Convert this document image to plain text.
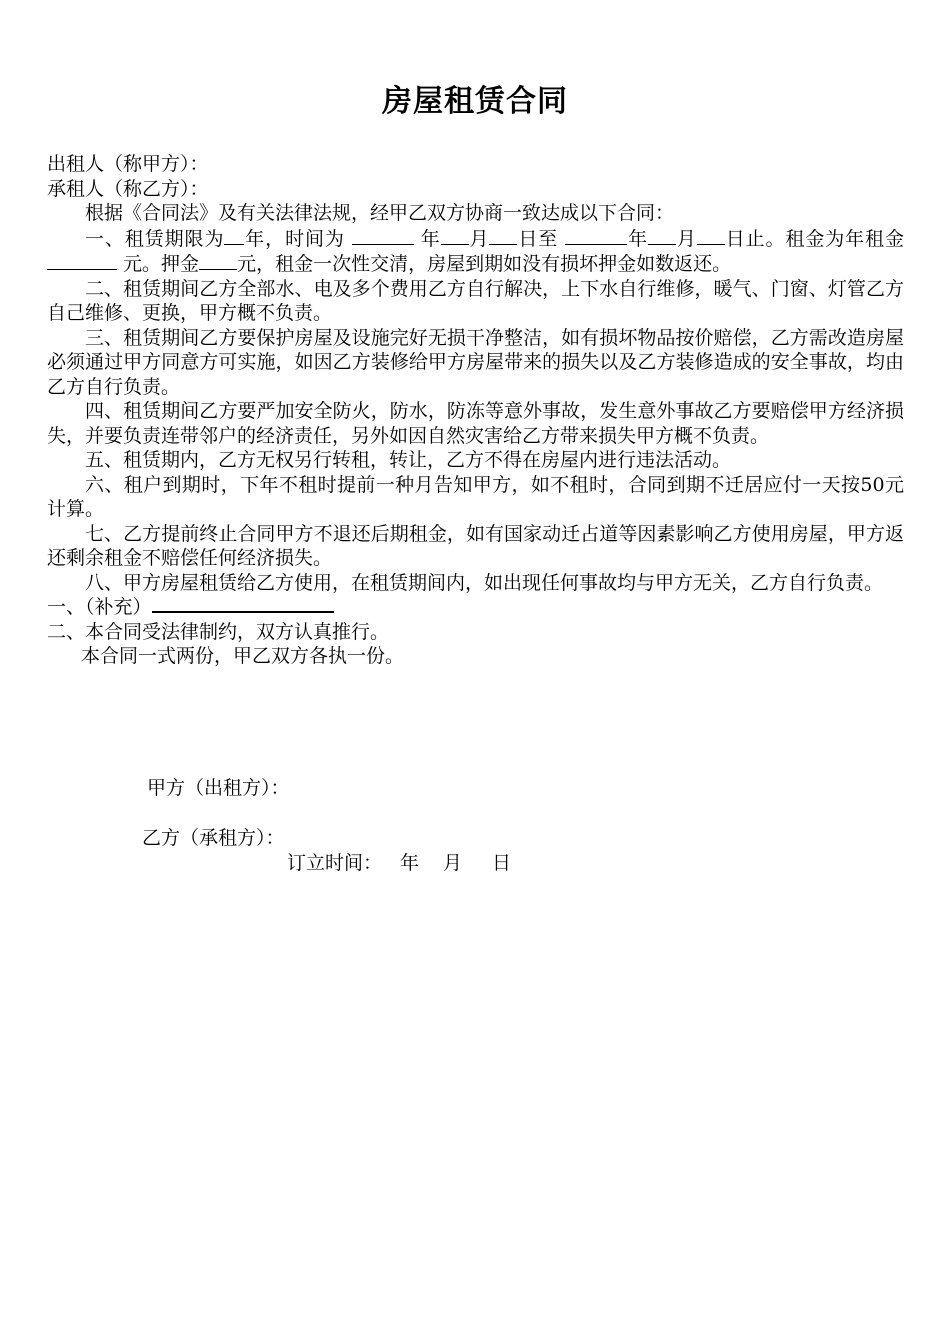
房屋租赁合同
出租人（称甲方）：
承租人（称乙方）：
根据《合同法》及有关法律法规，经甲乙双方协商一致达成以下合同：
一、租赁期限为 年，时间为	年 月 日至	年 月 日止。租金为年租金  元。押金 元，租金一次性交清，房屋到期如没有损坏押金如数返还。
二、租赁期间乙方全部水、电及多个费用乙方自行解决，上下水自行维修，暖气、门窗、灯管乙方自己维修、更换，甲方概不负责。
三、租赁期间乙方要保护房屋及设施完好无损干净整洁，如有损坏物品按价赔偿，乙方需改造房屋必须通过甲方同意方可实施，如因乙方装修给甲方房屋带来的损失以及乙方装修造成的安全事故，均由乙方自行负责。
四、租赁期间乙方要严加安全防火，防水，防冻等意外事故，发生意外事故乙方要赔偿甲方经济损失，并要负责连带邻户的经济责任，另外如因自然灾害给乙方带来损失甲方概不负责。
五、租赁期内，乙方无权另行转租，转让，乙方不得在房屋内进行违法活动。
六、租户到期时，下年不租时提前一种月告知甲方，如不租时，合同到期不迁居应付一天按50元计算。
七、乙方提前终止合同甲方不退还后期租金，如有国家动迁占道等因素影响乙方使用房屋，甲方返还剩余租金不赔偿任何经济损失。
八、甲方房屋租赁给乙方使用，在租赁期间内，如出现任何事故均与甲方无关，乙方自行负责。
一、（补充）
二、本合同受法律制约，双方认真推行。
本合同一式两份，甲乙双方各执一份。
甲方（出租方）：
乙方（承租方）：
订立时间： 年 月 日
